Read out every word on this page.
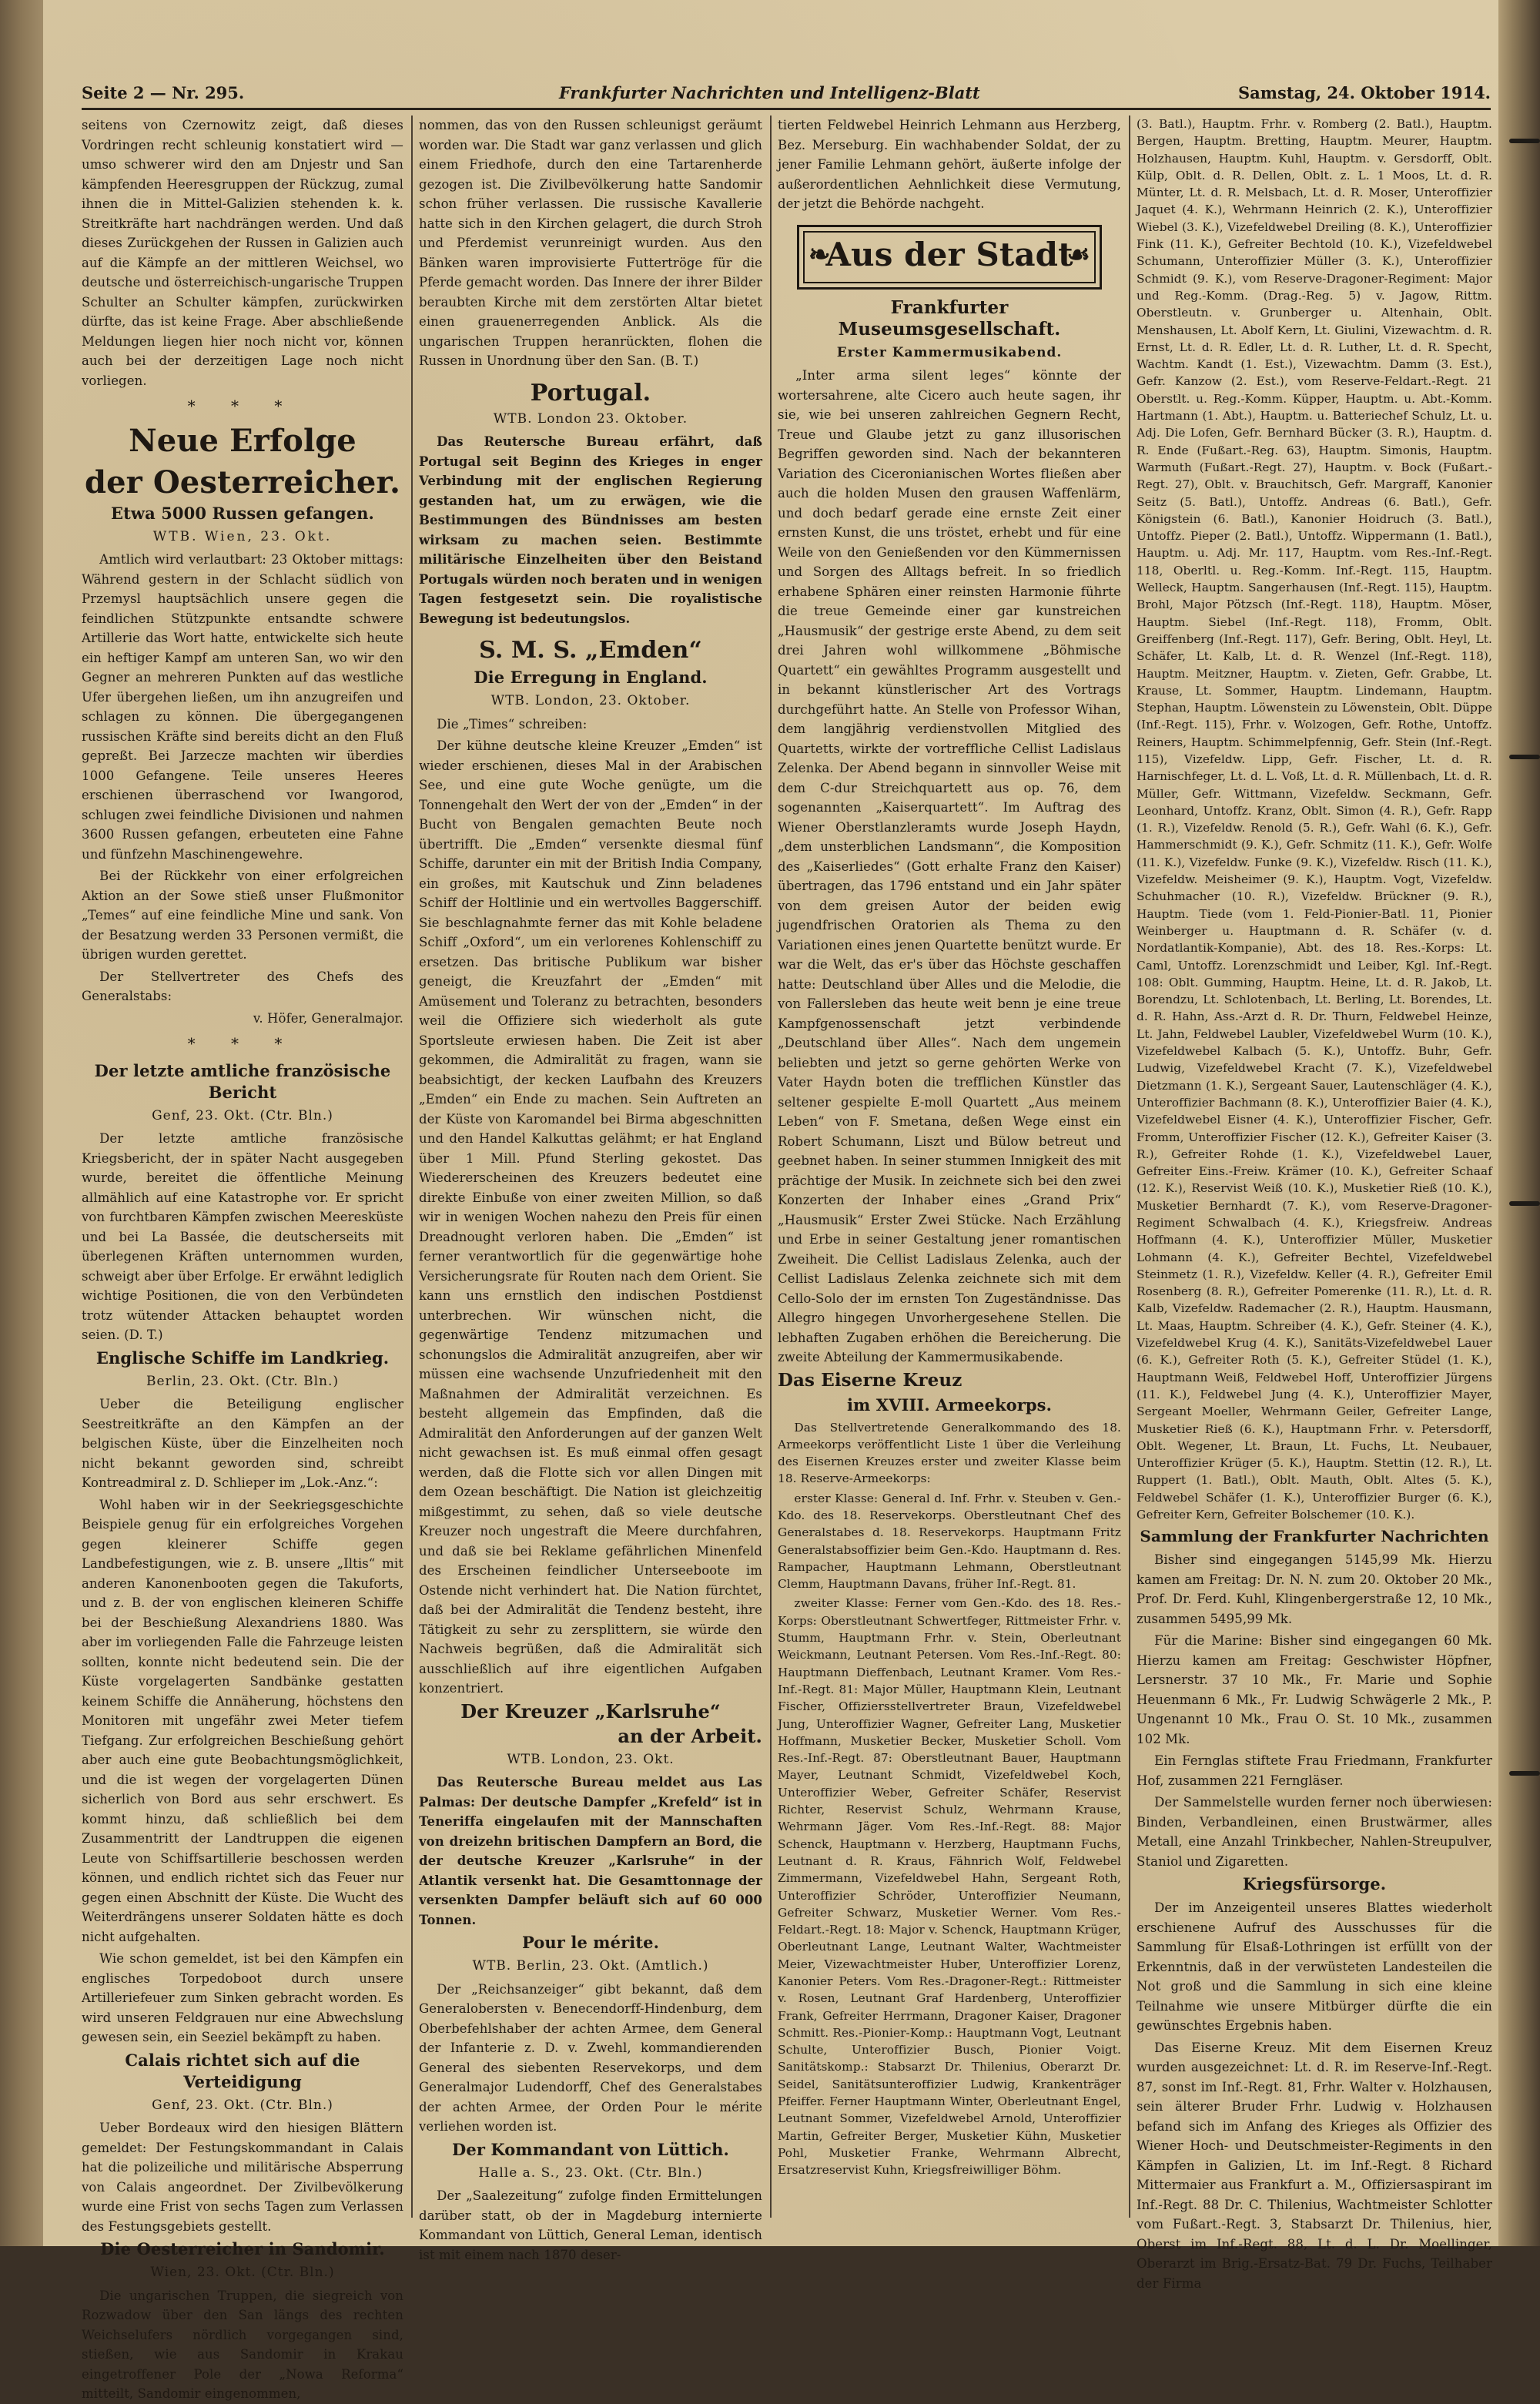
Seite 2 — Nr. 295.	Frankfurter Nachrichten und Intelligenz-Blatt	Samstag, 24. Oktober 1914.

seitens von Czernowitz zeigt, daß dieses Vordringen recht schleunig konstatiert wird — umso schwerer wird den am Dnjestr und San kämpfenden Heeresgruppen der Rückzug, zumal ihnen die in Mittel-Galizien stehenden k. k. Streitkräfte hart nachdrängen werden. Und daß dieses Zurückgehen der Russen in Galizien auch auf die Kämpfe an der mittleren Weichsel, wo deutsche und österreichisch-ungarische Truppen Schulter an Schulter kämpfen, zurückwirken dürfte, das ist keine Frage. Aber abschließende Meldungen liegen hier noch nicht vor, können auch bei der derzeitigen Lage noch nicht vorliegen.

* * *
Neue Erfolge
der Oesterreicher.
Etwa 5000 Russen gefangen.
WTB. Wien, 23. Okt.

Amtlich wird verlautbart: 23 Oktober mittags: Während gestern in der Schlacht südlich von Przemysl hauptsächlich unsere gegen die feindlichen Stützpunkte entsandte schwere Artillerie das Wort hatte, entwickelte sich heute ein heftiger Kampf am unteren San, wo wir den Gegner an mehreren Punkten auf das westliche Ufer übergehen ließen, um ihn anzugreifen und schlagen zu können. Die übergegangenen russischen Kräfte sind bereits dicht an den Fluß gepreßt. Bei Jarzecze machten wir überdies 1000 Gefangene. Teile unseres Heeres erschienen überraschend vor Iwangorod, schlugen zwei feindliche Divisionen und nahmen 3600 Russen gefangen, erbeuteten eine Fahne und fünfzehn Maschinengewehre.

Bei der Rückkehr von einer erfolgreichen Aktion an der Sowe stieß unser Flußmonitor „Temes“ auf eine feindliche Mine und sank. Von der Besatzung werden 33 Personen vermißt, die übrigen wurden gerettet.

Der Stellvertreter des Chefs des Generalstabs:

v. Höfer, Generalmajor.

* * *
Der letzte amtliche französische Bericht
Genf, 23. Okt. (Ctr. Bln.)

Der letzte amtliche französische Kriegsbericht, der in später Nacht ausgegeben wurde, bereitet die öffentliche Meinung allmählich auf eine Katastrophe vor. Er spricht von furchtbaren Kämpfen zwischen Meeresküste und bei La Bassée, die deutscherseits mit überlegenen Kräften unternommen wurden, schweigt aber über Erfolge. Er erwähnt lediglich wichtige Positionen, die von den Verbündeten trotz wütender Attacken behauptet worden seien. (D. T.)

Englische Schiffe im Landkrieg.
Berlin, 23. Okt. (Ctr. Bln.)

Ueber die Beteiligung englischer Seestreitkräfte an den Kämpfen an der belgischen Küste, über die Einzelheiten noch nicht bekannt geworden sind, schreibt Kontreadmiral z. D. Schlieper im „Lok.-Anz.“:

Wohl haben wir in der Seekriegsgeschichte Beispiele genug für ein erfolgreiches Vorgehen gegen kleinerer Schiffe gegen Landbefestigungen, wie z. B. unsere „Iltis“ mit anderen Kanonenbooten gegen die Takuforts, und z. B. der von englischen kleineren Schiffe bei der Beschießung Alexandriens 1880. Was aber im vorliegenden Falle die Fahrzeuge leisten sollten, konnte nicht bedeutend sein. Die der Küste vorgelagerten Sandbänke gestatten keinem Schiffe die Annäherung, höchstens den Monitoren mit ungefähr zwei Meter tiefem Tiefgang. Zur erfolgreichen Beschießung gehört aber auch eine gute Beobachtungsmöglichkeit, und die ist wegen der vorgelagerten Dünen sicherlich von Bord aus sehr erschwert. Es kommt hinzu, daß schließlich bei dem Zusammentritt der Landtruppen die eigenen Leute von Schiffsartillerie beschossen werden können, und endlich richtet sich das Feuer nur gegen einen Abschnitt der Küste. Die Wucht des Weiterdrängens unserer Soldaten hätte es doch nicht aufgehalten.

Wie schon gemeldet, ist bei den Kämpfen ein englisches Torpedoboot durch unsere Artilleriefeuer zum Sinken gebracht worden. Es wird unseren Feldgrauen nur eine Abwechslung gewesen sein, ein Seeziel bekämpft zu haben.

Calais richtet sich auf die Verteidigung
Genf, 23. Okt. (Ctr. Bln.)

Ueber Bordeaux wird den hiesigen Blättern gemeldet: Der Festungskommandant in Calais hat die polizeiliche und militärische Absperrung von Calais angeordnet. Der Zivilbevölkerung wurde eine Frist von sechs Tagen zum Verlassen des Festungsgebiets gestellt.

Die Oesterreicher in Sandomir.
Wien, 23. Okt. (Ctr. Bln.)

Die ungarischen Truppen, die siegreich von Rozwadow über den San längs des rechten Weichselufers nördlich vorgegangen sind, stießen, wie aus Sandomir in Krakau eingetroffener Pole der „Nowa Reforma“ mitteilt, Sandomir eingenommen,

nommen, das von den Russen schleunigst geräumt worden war. Die Stadt war ganz verlassen und glich einem Friedhofe, durch den eine Tartarenherde gezogen ist. Die Zivilbevölkerung hatte Sandomir schon früher verlassen. Die russische Kavallerie hatte sich in den Kirchen gelagert, die durch Stroh und Pferdemist verunreinigt wurden. Aus den Bänken waren improvisierte Futtertröge für die Pferde gemacht worden. Das Innere der ihrer Bilder beraubten Kirche mit dem zerstörten Altar bietet einen grauenerregenden Anblick. Als die ungarischen Truppen heranrückten, flohen die Russen in Unordnung über den San. (B. T.)

Portugal.
WTB. London 23. Oktober.

Das Reutersche Bureau erfährt, daß Portugal seit Beginn des Krieges in enger Verbindung mit der englischen Regierung gestanden hat, um zu erwägen, wie die Bestimmungen des Bündnisses am besten wirksam zu machen seien. Bestimmte militärische Einzelheiten über den Beistand Portugals würden noch beraten und in wenigen Tagen festgesetzt sein. Die royalistische Bewegung ist bedeutungslos.

S. M. S. „Emden“
Die Erregung in England.
WTB. London, 23. Oktober.

Die „Times“ schreiben:

Der kühne deutsche kleine Kreuzer „Emden“ ist wieder erschienen, dieses Mal in der Arabischen See, und eine gute Woche genügte, um die Tonnengehalt den Wert der von der „Emden“ in der Bucht von Bengalen gemachten Beute noch übertrifft. Die „Emden“ versenkte diesmal fünf Schiffe, darunter ein mit der British India Company, ein großes, mit Kautschuk und Zinn beladenes Schiff der Holtlinie und ein wertvolles Baggerschiff. Sie beschlagnahmte ferner das mit Kohle beladene Schiff „Oxford“, um ein verlorenes Kohlenschiff zu ersetzen. Das britische Publikum war bisher geneigt, die Kreuzfahrt der „Emden“ mit Amüsement und Toleranz zu betrachten, besonders weil die Offiziere sich wiederholt als gute Sportsleute erwiesen haben. Die Zeit ist aber gekommen, die Admiralität zu fragen, wann sie beabsichtigt, der kecken Laufbahn des Kreuzers „Emden“ ein Ende zu machen. Sein Auftreten an der Küste von Karomandel bei Birma abgeschnitten und den Handel Kalkuttas gelähmt; er hat England über 1 Mill. Pfund Sterling gekostet. Das Wiedererscheinen des Kreuzers bedeutet eine direkte Einbuße von einer zweiten Million, so daß wir in wenigen Wochen nahezu den Preis für einen Dreadnought verloren haben. Die „Emden“ ist ferner verantwortlich für die gegenwärtige hohe Versicherungsrate für Routen nach dem Orient. Sie kann uns ernstlich den indischen Postdienst unterbrechen. Wir wünschen nicht, die gegenwärtige Tendenz mitzumachen und schonungslos die Admiralität anzugreifen, aber wir müssen eine wachsende Unzufriedenheit mit den Maßnahmen der Admiralität verzeichnen. Es besteht allgemein das Empfinden, daß die Admiralität den Anforderungen auf der ganzen Welt nicht gewachsen ist. Es muß einmal offen gesagt werden, daß die Flotte sich vor allen Dingen mit dem Ozean beschäftigt. Die Nation ist gleichzeitig mißgestimmt, zu sehen, daß so viele deutsche Kreuzer noch ungestraft die Meere durchfahren, und daß sie bei Reklame gefährlichen Minenfeld des Erscheinen feindlicher Unterseeboote im Ostende nicht verhindert hat. Die Nation fürchtet, daß bei der Admiralität die Tendenz besteht, ihre Tätigkeit zu sehr zu zersplittern, sie würde den Nachweis begrüßen, daß die Admiralität sich ausschließlich auf ihre eigentlichen Aufgaben konzentriert.

Der Kreuzer „Karlsruhe“
an der Arbeit.
WTB. London, 23. Okt.

Das Reutersche Bureau meldet aus Las Palmas: Der deutsche Dampfer „Krefeld“ ist in Teneriffa eingelaufen mit der Mannschaften von dreizehn britischen Dampfern an Bord, die der deutsche Kreuzer „Karlsruhe“ in der Atlantik versenkt hat. Die Gesamttonnage der versenkten Dampfer beläuft sich auf 60 000 Tonnen.

Pour le mérite.
WTB. Berlin, 23. Okt. (Amtlich.)

Der „Reichsanzeiger“ gibt bekannt, daß dem Generalobersten v. Benecendorff-Hindenburg, dem Oberbefehlshaber der achten Armee, dem General der Infanterie z. D. v. Zwehl, kommandierenden General des siebenten Reservekorps, und dem Generalmajor Ludendorff, Chef des Generalstabes der achten Armee, der Orden Pour le mérite verliehen worden ist.

Der Kommandant von Lüttich.
Halle a. S., 23. Okt. (Ctr. Bln.)

Der „Saalezeitung“ zufolge finden Ermittelungen darüber statt, ob der in Magdeburg internierte Kommandant von Lüttich, General Leman, identisch ist mit einem nach 1870 deser-

tierten Feldwebel Heinrich Lehmann aus Herzberg, Bez. Merseburg. Ein wachhabender Soldat, der zu jener Familie Lehmann gehört, äußerte infolge der außerordentlichen Aehnlichkeit diese Vermutung, der jetzt die Behörde nachgeht.

❧
Aus der Stadt
☙
Frankfurter Museumsgesellschaft.
Erster Kammermusikabend.

„Inter arma silent leges“ könnte der wortersahrene, alte Cicero auch heute sagen, ihr sie, wie bei unseren zahlreichen Gegnern Recht, Treue und Glaube jetzt zu ganz illusorischen Begriffen geworden sind. Nach der bekannteren Variation des Ciceronianischen Wortes fließen aber auch die holden Musen den grausen Waffenlärm, und doch bedarf gerade eine ernste Zeit einer ernsten Kunst, die uns tröstet, erhebt und für eine Weile von den Genießenden vor den Kümmernissen und Sorgen des Alltags befreit. In so friedlich erhabene Sphären einer reinsten Harmonie führte die treue Gemeinde einer gar kunstreichen „Hausmusik“ der gestrige erste Abend, zu dem seit drei Jahren wohl willkommene „Böhmische Quartett“ ein gewähltes Programm ausgestellt und in bekannt künstlerischer Art des Vortrags durchgeführt hatte. An Stelle von Professor Wihan, dem langjährig verdienstvollen Mitglied des Quartetts, wirkte der vortreffliche Cellist Ladislaus Zelenka. Der Abend begann in sinnvoller Weise mit dem C-dur Streichquartett aus op. 76, dem sogenannten „Kaiserquartett“. Im Auftrag des Wiener Oberstlanzleramts wurde Joseph Haydn, „dem unsterblichen Landsmann“, die Komposition des „Kaiserliedes“ (Gott erhalte Franz den Kaiser) übertragen, das 1796 entstand und ein Jahr später von dem greisen Autor der beiden ewig jugendfrischen Oratorien als Thema zu den Variationen eines jenen Quartette benützt wurde. Er war die Welt, das er's über das Höchste geschaffen hatte: Deutschland über Alles und die Melodie, die von Fallersleben das heute weit benn je eine treue Kampfgenossenschaft jetzt verbindende „Deutschland über Alles“. Nach dem ungemein beliebten und jetzt so gerne gehörten Werke von Vater Haydn boten die trefflichen Künstler das seltener gespielte E-moll Quartett „Aus meinem Leben“ von F. Smetana, deßen Wege einst ein Robert Schumann, Liszt und Bülow betreut und geebnet haben. In seiner stummen Innigkeit des mit prächtige der Musik. In zeichnete sich bei den zwei Konzerten der Inhaber eines „Grand Prix“ „Hausmusik“ Erster Zwei Stücke. Nach Erzählung und Erbe in seiner Gestaltung jener romantischen Zweiheit. Die Cellist Ladislaus Zelenka, auch der Cellist Ladislaus Zelenka zeichnete sich mit dem Cello-Solo der im ernsten Ton Zugeständnisse. Das Allegro hingegen Unvorhergesehene Stellen. Die lebhaften Zugaben erhöhen die Bereicherung. Die zweite Abteilung der Kammermusikabende.

Das Eiserne Kreuz
im XVIII. Armeekorps.

Das Stellvertretende Generalkommando des 18. Armeekorps veröffentlicht Liste 1 über die Verleihung des Eisernen Kreuzes erster und zweiter Klasse beim 18. Reserve-Armeekorps:

erster Klasse: General d. Inf. Frhr. v. Steuben v. Gen.-Kdo. des 18. Reservekorps. Oberstleutnant Chef des Generalstabes d. 18. Reservekorps. Hauptmann Fritz Generalstabsoffizier beim Gen.-Kdo. Hauptmann d. Res. Rampacher, Hauptmann Lehmann, Oberstleutnant Clemm, Hauptmann Davans, früher Inf.-Regt. 81.

zweiter Klasse: Ferner vom Gen.-Kdo. des 18. Res.-Korps: Oberstleutnant Schwertfeger, Rittmeister Frhr. v. Stumm, Hauptmann Frhr. v. Stein, Oberleutnant Weickmann, Leutnant Petersen. Vom Res.-Inf.-Regt. 80: Hauptmann Dieffenbach, Leutnant Kramer. Vom Res.-Inf.-Regt. 81: Major Müller, Hauptmann Klein, Leutnant Fischer, Offiziersstellvertreter Braun, Vizefeldwebel Jung, Unteroffizier Wagner, Gefreiter Lang, Musketier Hoffmann, Musketier Becker, Musketier Scholl. Vom Res.-Inf.-Regt. 87: Oberstleutnant Bauer, Hauptmann Mayer, Leutnant Schmidt, Vizefeldwebel Koch, Unteroffizier Weber, Gefreiter Schäfer, Reservist Richter, Reservist Schulz, Wehrmann Krause, Wehrmann Jäger. Vom Res.-Inf.-Regt. 88: Major Schenck, Hauptmann v. Herzberg, Hauptmann Fuchs, Leutnant d. R. Kraus, Fähnrich Wolf, Feldwebel Zimmermann, Vizefeldwebel Hahn, Sergeant Roth, Unteroffizier Schröder, Unteroffizier Neumann, Gefreiter Schwarz, Musketier Werner. Vom Res.-Feldart.-Regt. 18: Major v. Schenck, Hauptmann Krüger, Oberleutnant Lange, Leutnant Walter, Wachtmeister Meier, Vizewachtmeister Huber, Unteroffizier Lorenz, Kanonier Peters. Vom Res.-Dragoner-Regt.: Rittmeister v. Rosen, Leutnant Graf Hardenberg, Unteroffizier Frank, Gefreiter Herrmann, Dragoner Kaiser, Dragoner Schmitt. Res.-Pionier-Komp.: Hauptmann Vogt, Leutnant Schulte, Unteroffizier Busch, Pionier Voigt. Sanitätskomp.: Stabsarzt Dr. Thilenius, Oberarzt Dr. Seidel, Sanitätsunteroffizier Ludwig, Krankenträger Pfeiffer. Ferner Hauptmann Winter, Oberleutnant Engel, Leutnant Sommer, Vizefeldwebel Arnold, Unteroffizier Martin, Gefreiter Berger, Musketier Kühn, Musketier Pohl, Musketier Franke, Wehrmann Albrecht, Ersatzreservist Kuhn, Kriegsfreiwilliger Böhm.

(3. Batl.), Hauptm. Frhr. v. Romberg (2. Batl.), Hauptm. Bergen, Hauptm. Bretting, Hauptm. Meurer, Hauptm. Holzhausen, Hauptm. Kuhl, Hauptm. v. Gersdorff, Oblt. Külp, Oblt. d. R. Dellen, Oblt. z. L. 1 Moos, Lt. d. R. Münter, Lt. d. R. Melsbach, Lt. d. R. Moser, Unteroffizier Jaquet (4. K.), Wehrmann Heinrich (2. K.), Unteroffizier Wiebel (3. K.), Vizefeldwebel Dreiling (8. K.), Unteroffizier Fink (11. K.), Gefreiter Bechtold (10. K.), Vizefeldwebel Schumann, Unteroffizier Müller (3. K.), Unteroffizier Schmidt (9. K.), vom Reserve-Dragoner-Regiment: Major und Reg.-Komm. (Drag.-Reg. 5) v. Jagow, Rittm. Oberstleutn. v. Grunberger u. Altenhain, Oblt. Menshausen, Lt. Abolf Kern, Lt. Giulini, Vizewachtm. d. R. Ernst, Lt. d. R. Edler, Lt. d. R. Luther, Lt. d. R. Specht, Wachtm. Kandt (1. Est.), Vizewachtm. Damm (3. Est.), Gefr. Kanzow (2. Est.), vom Reserve-Feldart.-Regt. 21 Oberstlt. u. Reg.-Komm. Küpper, Hauptm. u. Abt.-Komm. Hartmann (1. Abt.), Hauptm. u. Batteriechef Schulz, Lt. u. Adj. Die Lofen, Gefr. Bernhard Bücker (3. R.), Hauptm. d. R. Ende (Fußart.-Reg. 63), Hauptm. Simonis, Hauptm. Warmuth (Fußart.-Regt. 27), Hauptm. v. Bock (Fußart.-Regt. 27), Oblt. v. Brauchitsch, Gefr. Margraff, Kanonier Seitz (5. Batl.), Untoffz. Andreas (6. Batl.), Gefr. Königstein (6. Batl.), Kanonier Hoidruch (3. Batl.), Untoffz. Pieper (2. Batl.), Untoffz. Wippermann (1. Batl.), Hauptm. u. Adj. Mr. 117, Hauptm. vom Res.-Inf.-Regt. 118, Oberltl. u. Reg.-Komm. Inf.-Regt. 115, Hauptm. Welleck, Hauptm. Sangerhausen (Inf.-Regt. 115), Hauptm. Brohl, Major Pötzsch (Inf.-Regt. 118), Hauptm. Möser, Hauptm. Siebel (Inf.-Regt. 118), Fromm, Oblt. Greiffenberg (Inf.-Regt. 117), Gefr. Bering, Oblt. Heyl, Lt. Schäfer, Lt. Kalb, Lt. d. R. Wenzel (Inf.-Regt. 118), Hauptm. Meitzner, Hauptm. v. Zieten, Gefr. Grabbe, Lt. Krause, Lt. Sommer, Hauptm. Lindemann, Hauptm. Stephan, Hauptm. Löwenstein zu Löwenstein, Oblt. Düppe (Inf.-Regt. 115), Frhr. v. Wolzogen, Gefr. Rothe, Untoffz. Reiners, Hauptm. Schimmelpfennig, Gefr. Stein (Inf.-Regt. 115), Vizefeldw. Lipp, Gefr. Fischer, Lt. d. R. Harnischfeger, Lt. d. L. Voß, Lt. d. R. Müllenbach, Lt. d. R. Müller, Gefr. Wittmann, Vizefeldw. Seckmann, Gefr. Leonhard, Untoffz. Kranz, Oblt. Simon (4. R.), Gefr. Rapp (1. R.), Vizefeldw. Renold (5. R.), Gefr. Wahl (6. K.), Gefr. Hammerschmidt (9. K.), Gefr. Schmitz (11. K.), Gefr. Wolfe (11. K.), Vizefeldw. Funke (9. K.), Vizefeldw. Risch (11. K.), Vizefeldw. Meisheimer (9. K.), Hauptm. Vogt, Vizefeldw. Schuhmacher (10. R.), Vizefeldw. Brückner (9. R.), Hauptm. Tiede (vom 1. Feld-Pionier-Batl. 11, Pionier Weinberger u. Hauptmann d. R. Schäfer (v. d. Nordatlantik-Kompanie), Abt. des 18. Res.-Korps: Lt. Caml, Untoffz. Lorenzschmidt und Leiber, Kgl. Inf.-Regt. 108: Oblt. Gumming, Hauptm. Heine, Lt. d. R. Jakob, Lt. Borendzu, Lt. Schlotenbach, Lt. Berling, Lt. Borendes, Lt. d. R. Hahn, Ass.-Arzt d. R. Dr. Thurn, Feldwebel Heinze, Lt. Jahn, Feldwebel Laubler, Vizefeldwebel Wurm (10. K.), Vizefeldwebel Kalbach (5. K.), Untoffz. Buhr, Gefr. Ludwig, Vizefeldwebel Kracht (7. K.), Vizefeldwebel Dietzmann (1. K.), Sergeant Sauer, Lautenschläger (4. K.), Unteroffizier Bachmann (8. K.), Unteroffizier Baier (4. K.), Vizefeldwebel Eisner (4. K.), Unteroffizier Fischer, Gefr. Fromm, Unteroffizier Fischer (12. K.), Gefreiter Kaiser (3. R.), Gefreiter Rohde (1. K.), Vizefeldwebel Lauer, Gefreiter Eins.-Freiw. Krämer (10. K.), Gefreiter Schaaf (12. K.), Reservist Weiß (10. K.), Musketier Rieß (10. K.), Musketier Bernhardt (7. K.), vom Reserve-Dragoner-Regiment Schwalbach (4. K.), Kriegsfreiw. Andreas Hoffmann (4. K.), Unteroffizier Müller, Musketier Lohmann (4. K.), Gefreiter Bechtel, Vizefeldwebel Steinmetz (1. R.), Vizefeldw. Keller (4. R.), Gefreiter Emil Rosenberg (8. R.), Gefreiter Pomerenke (11. R.), Lt. d. R. Kalb, Vizefeldw. Rademacher (2. R.), Hauptm. Hausmann, Lt. Maas, Hauptm. Schreiber (4. K.), Gefr. Steiner (4. K.), Vizefeldwebel Krug (4. K.), Sanitäts-Vizefeldwebel Lauer (6. K.), Gefreiter Roth (5. K.), Gefreiter Stüdel (1. K.), Hauptmann Weiß, Feldwebel Hoff, Unteroffizier Jürgens (11. K.), Feldwebel Jung (4. K.), Unteroffizier Mayer, Sergeant Moeller, Wehrmann Geiler, Gefreiter Lange, Musketier Rieß (6. K.), Hauptmann Frhr. v. Petersdorff, Oblt. Wegener, Lt. Braun, Lt. Fuchs, Lt. Neubauer, Unteroffizier Krüger (5. K.), Hauptm. Stettin (12. R.), Lt. Ruppert (1. Batl.), Oblt. Mauth, Oblt. Altes (5. K.), Feldwebel Schäfer (1. K.), Unteroffizier Burger (6. K.), Gefreiter Kern, Gefreiter Bolschemer (10. K.).

Sammlung der Frankfurter Nachrichten

Bisher sind eingegangen 5145,99 Mk. Hierzu kamen am Freitag: Dr. N. N. zum 20. Oktober 20 Mk., Prof. Dr. Ferd. Kuhl, Klingenbergerstraße 12, 10 Mk., zusammen 5495,99 Mk.

Für die Marine: Bisher sind eingegangen 60 Mk. Hierzu kamen am Freitag: Geschwister Höpfner, Lersnerstr. 37 10 Mk., Fr. Marie und Sophie Heuenmann 6 Mk., Fr. Ludwig Schwägerle 2 Mk., P. Ungenannt 10 Mk., Frau O. St. 10 Mk., zusammen 102 Mk.

Ein Fernglas stiftete Frau Friedmann, Frankfurter Hof, zusammen 221 Ferngläser.

Der Sammelstelle wurden ferner noch überwiesen: Binden, Verbandleinen, einen Brustwärmer, alles Metall, eine Anzahl Trinkbecher, Nahlen-Streupulver, Staniol und Zigaretten.

Kriegsfürsorge.

Der im Anzeigenteil unseres Blattes wiederholt erschienene Aufruf des Ausschusses für die Sammlung für Elsaß-Lothringen ist erfüllt von der Erkenntnis, daß in der verwüsteten Landesteilen die Not groß und die Sammlung in sich eine kleine Teilnahme wie unsere Mitbürger dürfte die ein gewünschtes Ergebnis haben.

Das Eiserne Kreuz. Mit dem Eisernen Kreuz wurden ausgezeichnet: Lt. d. R. im Reserve-Inf.-Regt. 87, sonst im Inf.-Regt. 81, Frhr. Walter v. Holzhausen, sein älterer Bruder Frhr. Ludwig v. Holzhausen befand sich im Anfang des Krieges als Offizier des Wiener Hoch- und Deutschmeister-Regiments in den Kämpfen in Galizien, Lt. im Inf.-Regt. 8 Richard Mittermaier aus Frankfurt a. M., Offiziersaspirant im Inf.-Regt. 88 Dr. C. Thilenius, Wachtmeister Schlotter vom Fußart.-Regt. 3, Stabsarzt Dr. Thilenius, hier, Oberst im Inf.-Regt. 88, Lt. d. L. Dr. Moellinger, Oberarzt im Brig.-Ersatz-Bat. 79 Dr. Fuchs, Teilhaber der Firma
